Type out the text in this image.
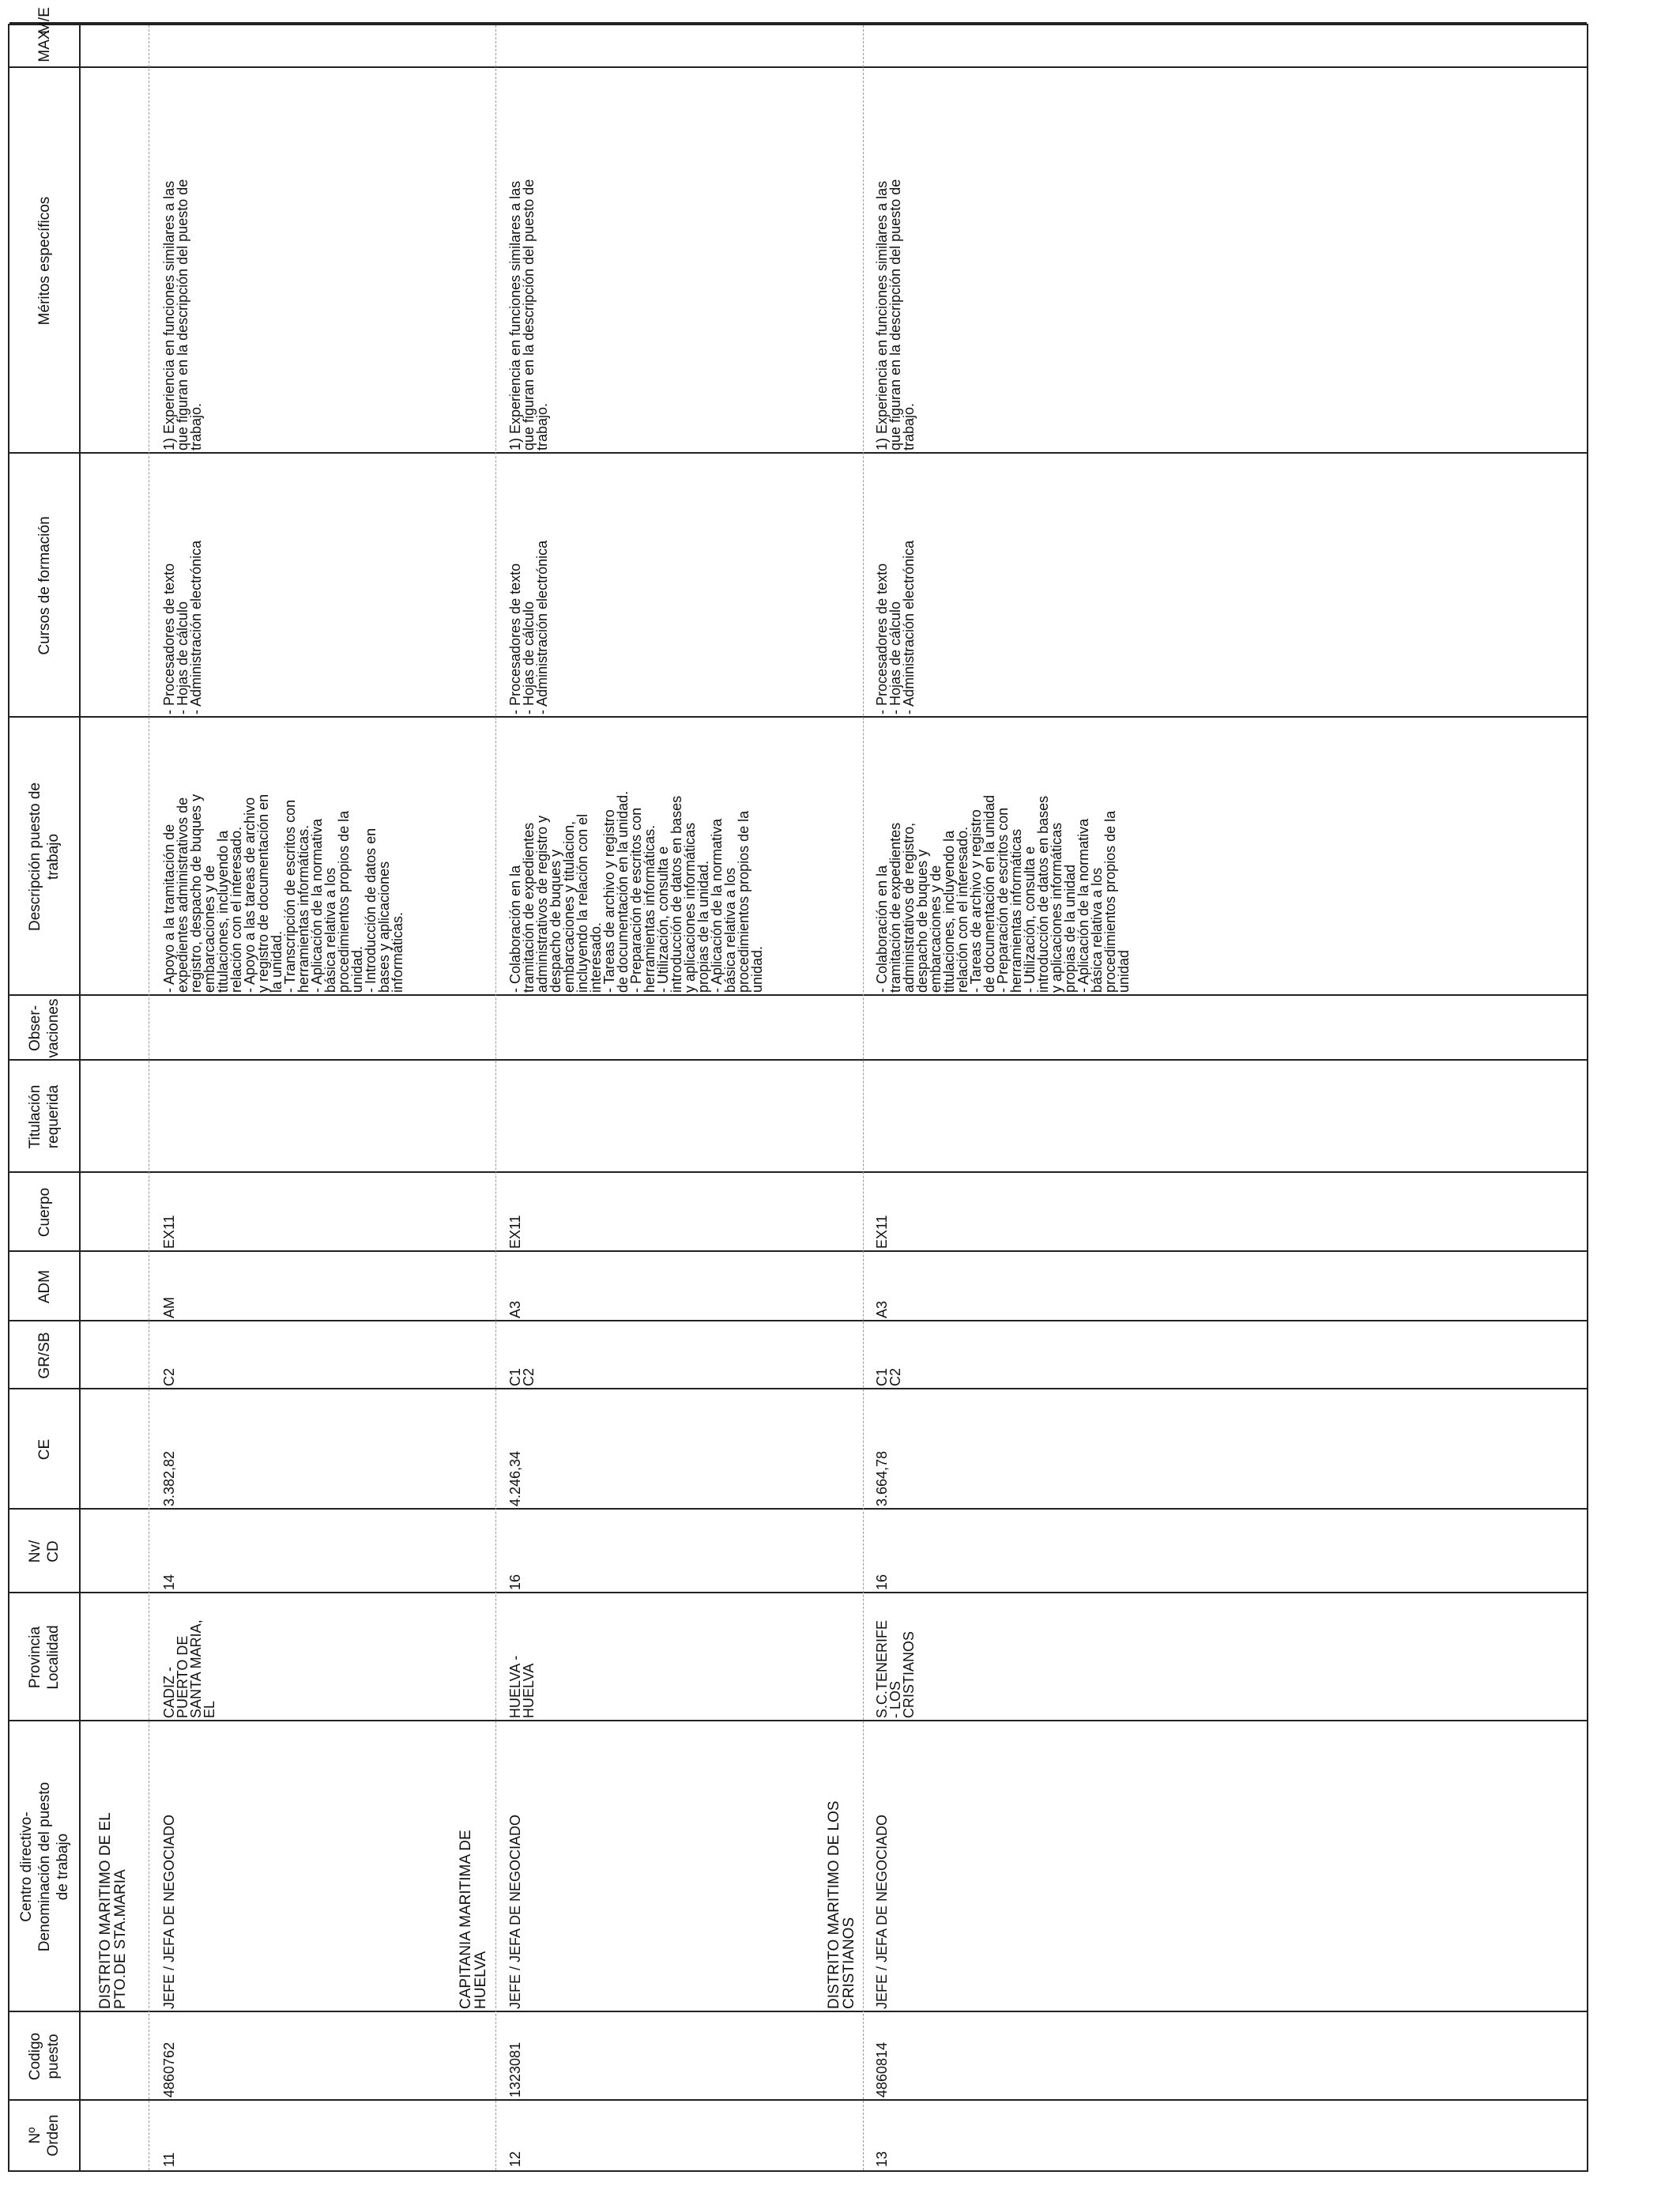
Nº
Orden
Codigo
puesto
Centro directivo-
Denominación del puesto
de trabajo
Provincia
Localidad
Nv/
CD
CE
GR/SB
ADM
Cuerpo
Titulación
requerida
Obser-
vaciones
Descripción puesto de
trabajo
Cursos de formación
Méritos específicos
MAX
M/E
DISTRITO MARITIMO DE EL
PTO.DE STA.MARIA
11
4860762
JEFE / JEFA DE NEGOCIADO
CADIZ -
PUERTO DE
SANTA MARIA,
EL
14
3.382,82
C2
AM
EX11
- Apoyo a la tramitación de
expedientes administrativos de
registro, despacho de buques y
embarcaciones y de
titulaciones, incluyendo la
relación con el interesado.
- Apoyo a las tareas de archivo
y registro de documentación en
la unidad.
- Transcripción de escritos con
herramientas informáticas.
- Aplicación de la normativa
básica relativa a los
procedimientos propios de la
unidad.
- Introducción de datos en
bases y aplicaciones
informáticas.
- Procesadores de texto
- Hojas de cálculo
- Administración electrónica
1) Experiencia en funciones similares a las
que figuran en la descripción del puesto de
trabajo.
CAPITANIA MARITIMA DE
HUELVA
12
1323081
JEFE / JEFA DE NEGOCIADO
HUELVA -
HUELVA
16
4.246,34
C1
C2
A3
EX11
- Colaboración en la
tramitación de expedientes
administrativos de registro y
despacho de buques y
embarcaciones y titulacion,
incluyendo la relación con el
interesado.
- Tareas de archivo y registro
de documentación en la unidad.
- Preparación de escritos con
herramientas informáticas.
- Utilización, consulta e
introducción de datos en bases
y aplicaciones informáticas
propias de la unidad.
- Aplicación de la normativa
básica relativa a los
procedimientos propios de la
unidad.
- Procesadores de texto
- Hojas de cálculo
- Administración electrónica
1) Experiencia en funciones similares a las
que figuran en la descripción del puesto de
trabajo.
DISTRITO MARITIMO DE LOS
CRISTIANOS
13
4860814
JEFE / JEFA DE NEGOCIADO
S.C.TENERIFE
- LOS
CRISTIANOS
16
3.664,78
C1
C2
A3
EX11
- Colaboración en la
tramitación de expedientes
administrativos de registro,
despacho de buques y
embarcaciones y de
titulaciones, incluyendo la
relación con el interesado.
- Tareas de archivo y registro
de documentación en la unidad
- Preparación de escritos con
herramientas informáticas
- Utilización, consulta e
introducción de datos en bases
y aplicaciones informáticas
propias de la unidad
- Aplicación de la normativa
básica relativa a los
procedimientos propios de la
unidad
- Procesadores de texto
- Hojas de cálculo
- Administración electrónica
1) Experiencia en funciones similares a las
que figuran en la descripción del puesto de
trabajo.
